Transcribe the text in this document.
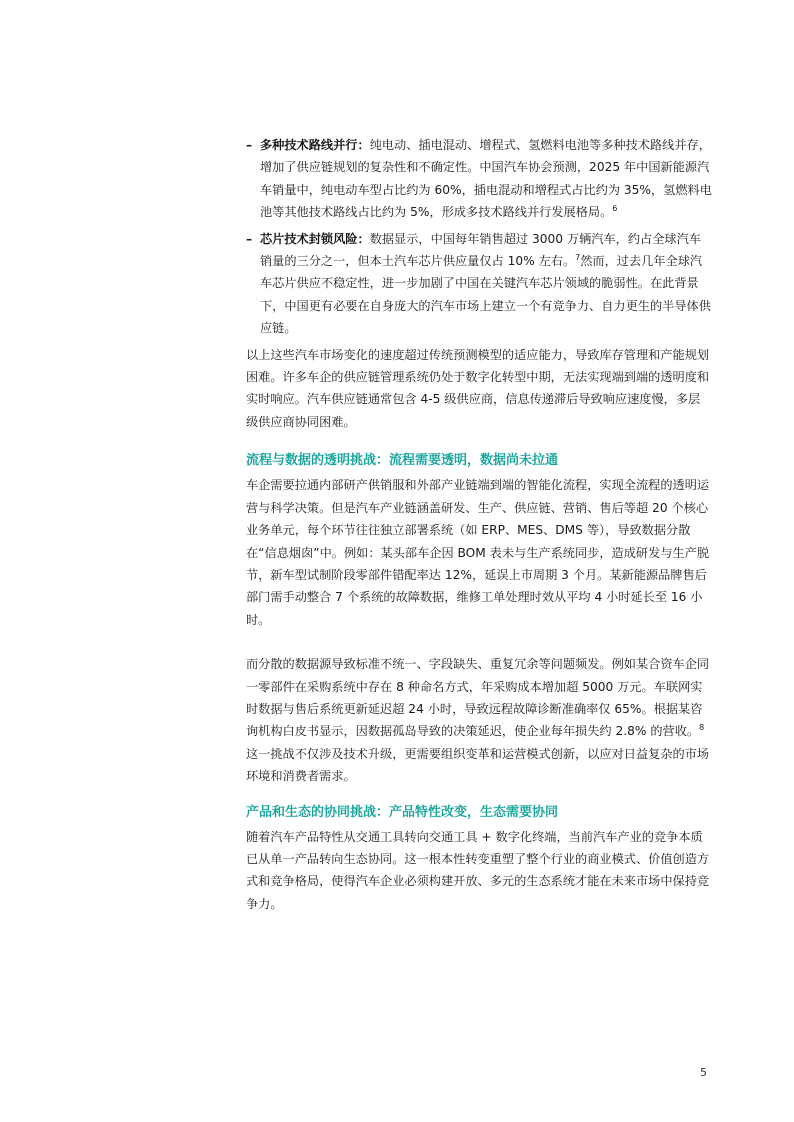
– 多种技术路线并行：纯电动、插电混动、增程式、氢燃料电池等多种技术路线并存，增加了供应链规划的复杂性和不确定性。中国汽车协会预测，2025 年中国新能源汽车销量中，纯电动车型占比约为 60%，插电混动和增程式占比约为 35%，氢燃料电池等其他技术路线占比约为 5%，形成多技术路线并行发展格局。$^6$
– 芯片技术封锁风险：数据显示，中国每年销售超过 3000 万辆汽车，约占全球汽车销量的三分之一，但本土汽车芯片供应量仅占 10% 左右。$^7$然而，过去几年全球汽车芯片供应不稳定性，进一步加剧了中国在关键汽车芯片领域的脆弱性。在此背景下，中国更有必要在自身庞大的汽车市场上建立一个有竞争力、自力更生的半导体供应链。

以上这些汽车市场变化的速度超过传统预测模型的适应能力，导致库存管理和产能规划困难。许多车企的供应链管理系统仍处于数字化转型中期，无法实现端到端的透明度和实时响应。汽车供应链通常包含 4-5 级供应商，信息传递滞后导致响应速度慢，多层级供应商协同困难。

流程与数据的透明挑战：流程需要透明，数据尚未拉通

车企需要拉通内部研产供销服和外部产业链端到端的智能化流程，实现全流程的透明运营与科学决策。但是汽车产业链涵盖研发、生产、供应链、营销、售后等超 20 个核心业务单元，每个环节往往独立部署系统（如 ERP、MES、DMS 等），导致数据分散在“信息烟囱”中。例如：某头部车企因 BOM 表未与生产系统同步，造成研发与生产脱节，新车型试制阶段零部件错配率达 12%，延误上市周期 3 个月。某新能源品牌售后部门需手动整合 7 个系统的故障数据，维修工单处理时效从平均 4 小时延长至 16 小时。

而分散的数据源导致标准不统一、字段缺失、重复冗余等问题频发。例如某合资车企同一零部件在采购系统中存在 8 种命名方式，年采购成本增加超 5000 万元。车联网实时数据与售后系统更新延迟超 24 小时，导致远程故障诊断准确率仅 65%。根据某咨询机构白皮书显示，因数据孤岛导致的决策延迟，使企业每年损失约 2.8% 的营收。$^8$这一挑战不仅涉及技术升级，更需要组织变革和运营模式创新，以应对日益复杂的市场环境和消费者需求。

产品和生态的协同挑战：产品特性改变，生态需要协同

随着汽车产品特性从交通工具转向交通工具 + 数字化终端，当前汽车产业的竞争本质已从单一产品转向生态协同。这一根本性转变重塑了整个行业的商业模式、价值创造方式和竞争格局，使得汽车企业必须构建开放、多元的生态系统才能在未来市场中保持竞争力。

5
